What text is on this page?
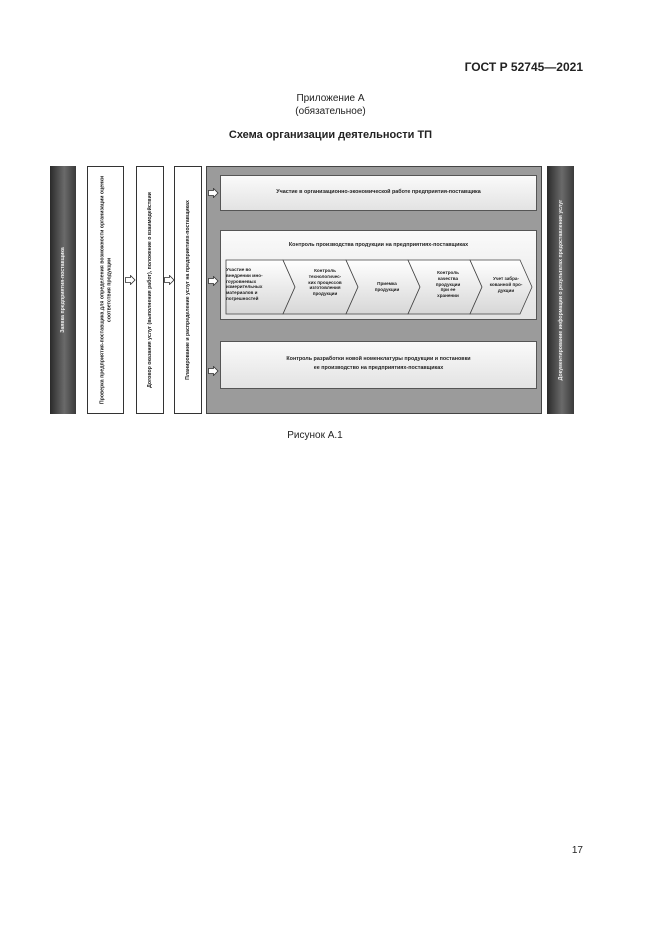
ГОСТ Р 52745—2021
Приложение А
(обязательное)
Схема организации деятельности ТП
Заявка предприятия-поставщика	Проверка предприятия-поставщика для определения возможности организации оценки соответствия продукции	Договор оказания услуг (выполнения работ), положение о взаимодействии	Планирование и распределение услуг на предприятиях-поставщиках
Участие в организационно-экономической работе предприятия-поставщика
Контроль производства продукции на предприятиях-поставщиках
Участие во
внедрении мно-
гоуровневых
измерительных
материалов и
погрешностей
Контроль
технологичес-
ких процессов
изготовления
продукции
Приемка
продукции
Контроль
качества
продукции
при ее
хранении
Учет забра-
кованной про-
дукции
Контроль разработки новой номенклатуры продукции и постановки
ее производство на предприятиях-поставщиках	Документирование информации о результатах предоставления услуг
Рисунок А.1
17
